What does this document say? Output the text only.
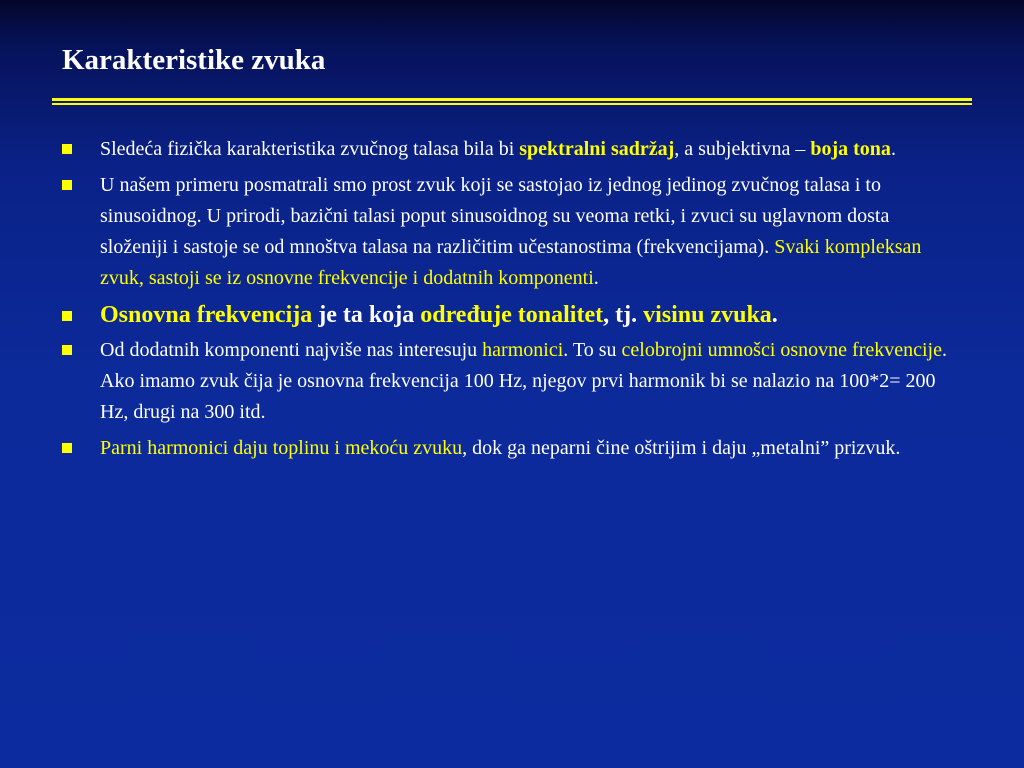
Karakteristike zvuka
Sledeća fizička karakteristika zvučnog talasa bila bi spektralni sadržaj, a subjektivna – boja tona.
U našem primeru posmatrali smo prost zvuk koji se sastojao iz jednog jedinog zvučnog talasa i to sinusoidnog. U prirodi, bazični talasi poput sinusoidnog su veoma retki, i zvuci su uglavnom dosta složeniji i sastoje se od mnoštva talasa na različitim učestanostima (frekvencijama). Svaki kompleksan zvuk, sastoji se iz osnovne frekvencije i dodatnih komponenti.
Osnovna frekvencija je ta koja određuje tonalitet, tj. visinu zvuka.
Od dodatnih komponenti najviše nas interesuju harmonici. To su celobrojni umnošci osnovne frekvencije. Ako imamo zvuk čija je osnovna frekvencija 100 Hz, njegov prvi harmonik bi se nalazio na 100*2= 200 Hz, drugi na 300 itd.
Parni harmonici daju toplinu i mekoću zvuku, dok ga neparni čine oštrijim i daju „metalni” prizvuk.
